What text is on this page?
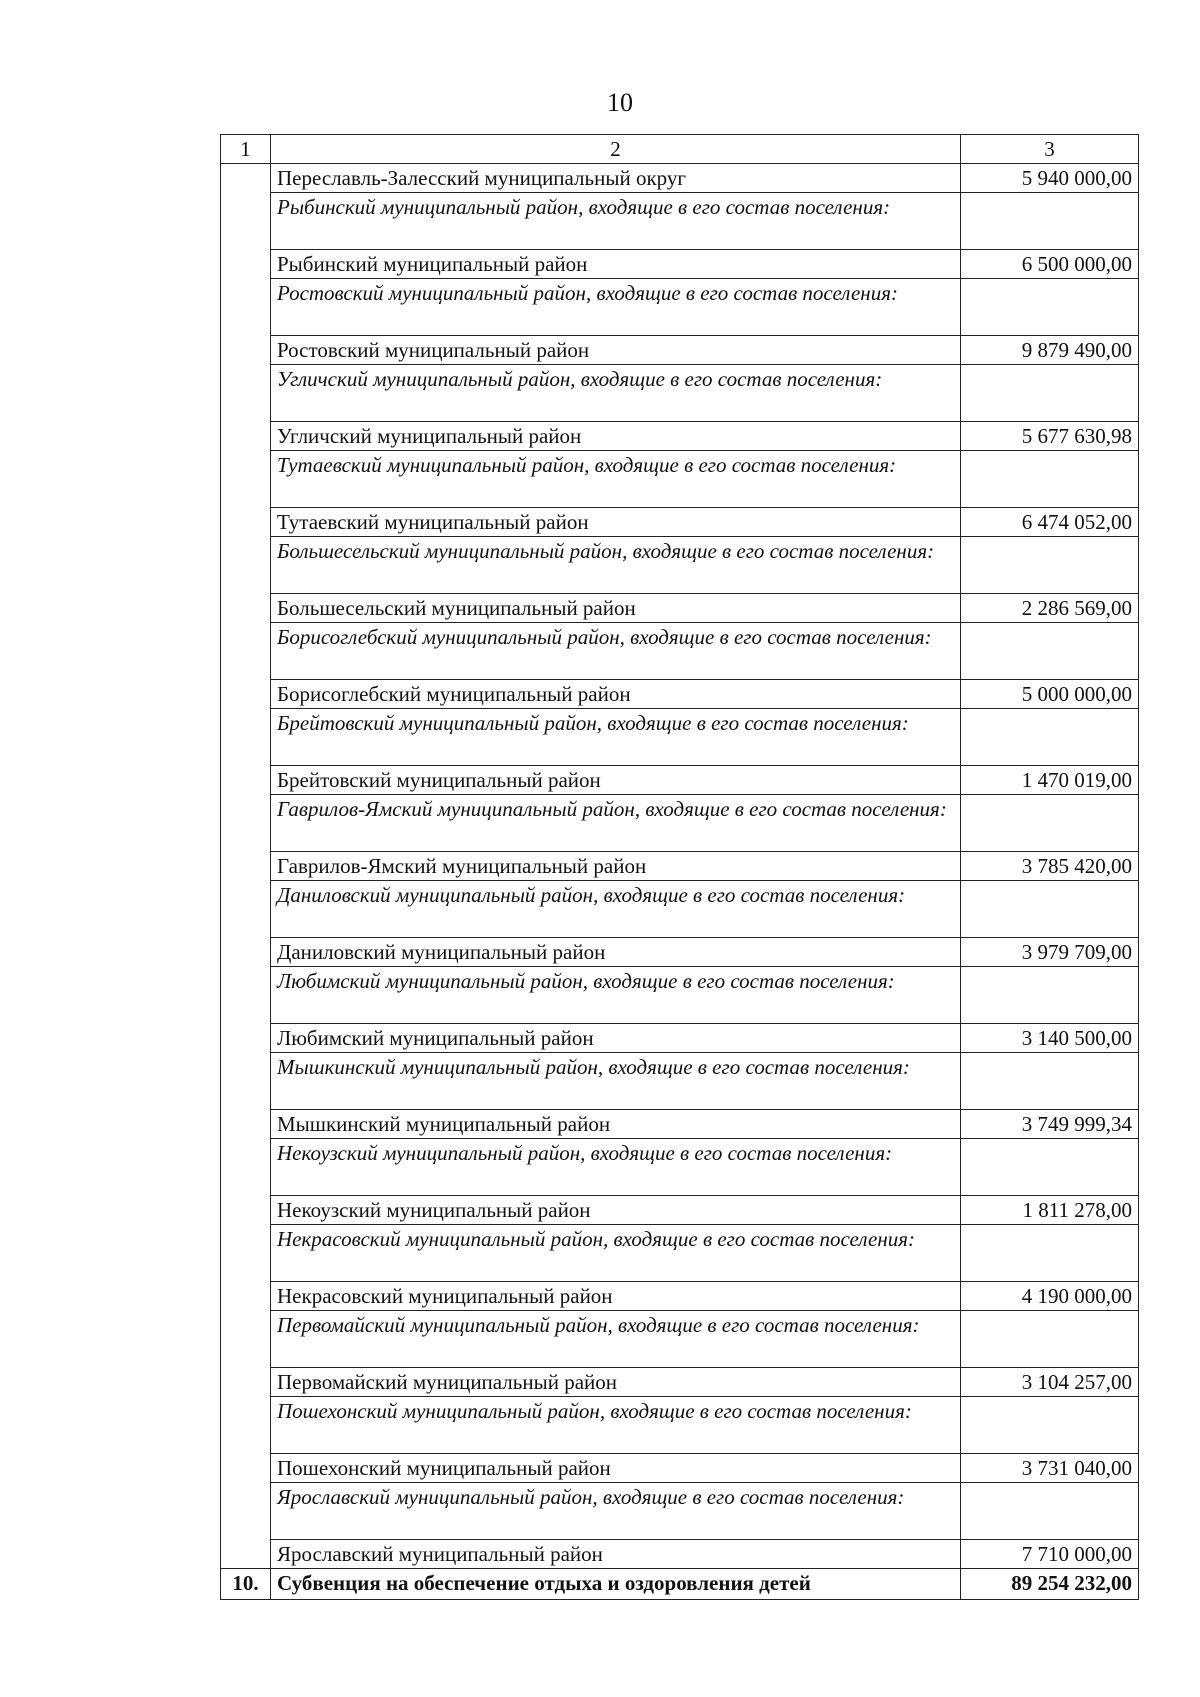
10
1	2	3
	Переславль-Залесский муниципальный округ	5 940 000,00
	Рыбинский муниципальный район, входящие в его состав поселения:	
	Рыбинский муниципальный район	6 500 000,00
	Ростовский муниципальный район, входящие в его состав поселения:	
	Ростовский муниципальный район	9 879 490,00
	Угличский муниципальный район, входящие в его состав поселения:	
	Угличский муниципальный район	5 677 630,98
	Тутаевский муниципальный район, входящие в его состав поселения:	
	Тутаевский муниципальный район	6 474 052,00
	Большесельский муниципальный район, входящие в его состав поселения:	
	Большесельский муниципальный район	2 286 569,00
	Борисоглебский муниципальный район, входящие в его состав поселения:	
	Борисоглебский муниципальный район	5 000 000,00
	Брейтовский муниципальный район, входящие в его состав поселения:	
	Брейтовский муниципальный район	1 470 019,00
	Гаврилов-Ямский муниципальный район, входящие в его состав поселения:	
	Гаврилов-Ямский муниципальный район	3 785 420,00
	Даниловский муниципальный район, входящие в его состав поселения:	
	Даниловский муниципальный район	3 979 709,00
	Любимский муниципальный район, входящие в его состав поселения:	
	Любимский муниципальный район	3 140 500,00
	Мышкинский муниципальный район, входящие в его состав поселения:	
	Мышкинский муниципальный район	3 749 999,34
	Некоузский муниципальный район, входящие в его состав поселения:	
	Некоузский муниципальный район	1 811 278,00
	Некрасовский муниципальный район, входящие в его состав поселения:	
	Некрасовский муниципальный район	4 190 000,00
	Первомайский муниципальный район, входящие в его состав поселения:	
	Первомайский муниципальный район	3 104 257,00
	Пошехонский муниципальный район, входящие в его состав поселения:	
	Пошехонский муниципальный район	3 731 040,00
	Ярославский муниципальный район, входящие в его состав поселения:	
	Ярославский муниципальный район	7 710 000,00
10.	Субвенция на обеспечение отдыха и оздоровления детей	89 254 232,00
